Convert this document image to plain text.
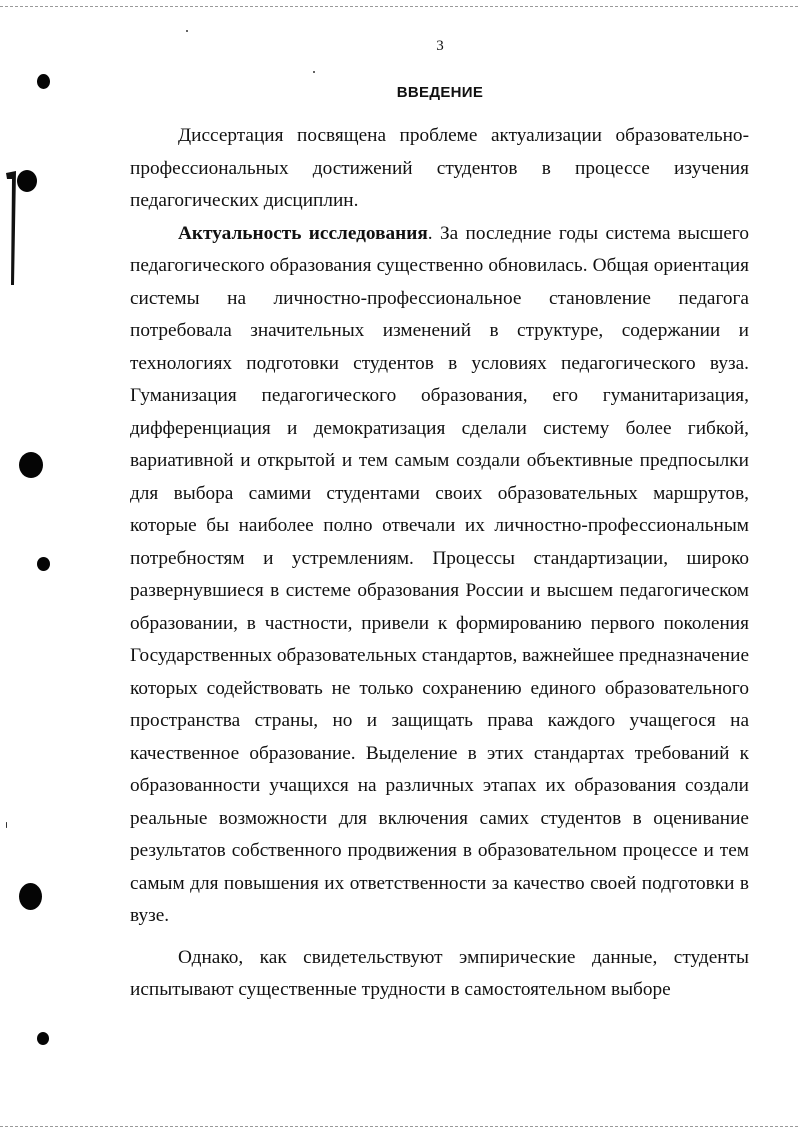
3
ВВЕДЕНИЕ

Диссертация посвящена проблеме актуализации образовательно-профессиональных достижений студентов в процессе изучения педагогических дисциплин.

Актуальность исследования. За последние годы система высшего педагогического образования существенно обновилась. Общая ориентация системы на личностно-профессиональное становление педагога потребовала значительных изменений в структуре, содержании и технологиях подготовки студентов в условиях педагогического вуза. Гуманизация педагогического образования, его гуманитаризация, дифференциация и демократизация сделали систему более гибкой, вариативной и открытой и тем самым создали объективные предпосылки для выбора самими студентами своих образовательных маршрутов, которые бы наиболее полно отвечали их личностно-профессиональным потребностям и устремлениям. Процессы стандартизации, широко развернувшиеся в системе образования России и высшем педагогическом образовании, в частности, привели к формированию первого поколения Государственных образовательных стандартов, важнейшее предназначение которых содействовать не только сохранению единого образовательного пространства страны, но и защищать права каждого учащегося на качественное образование. Выделение в этих стандартах требований к образованности учащихся на различных этапах их образования создали реальные возможности для включения самих студентов в оценивание результатов собственного продвижения в образовательном процессе и тем самым для повышения их ответственности за качество своей подготовки в вузе.

Однако, как свидетельствуют эмпирические данные, студенты испытывают существенные трудности в самостоятельном выборе
